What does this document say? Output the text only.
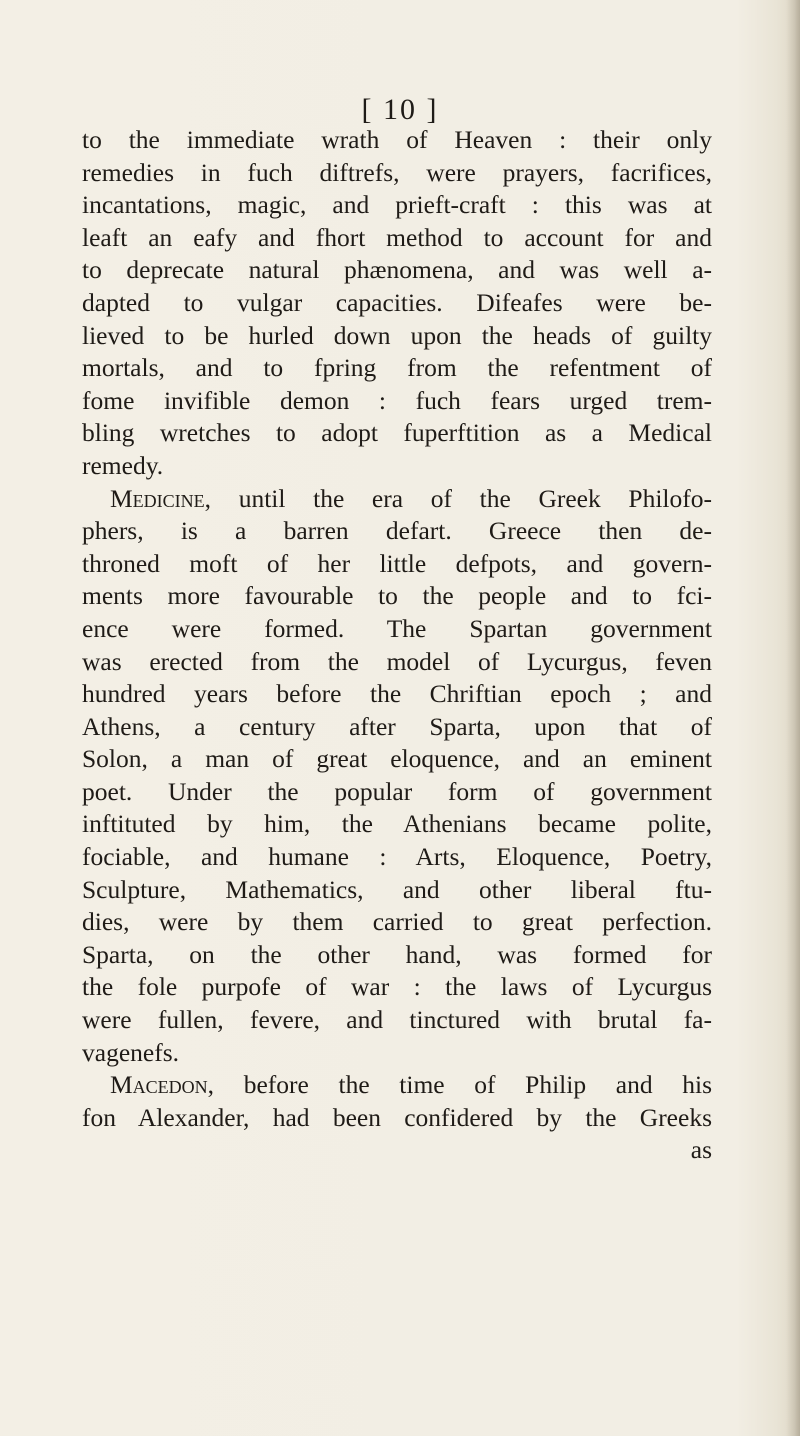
[ 10 ]
to the immediate wrath of Heaven : their only
remedies in fuch diftrefs, were prayers, facrifices,
incantations, magic, and prieft-craft : this was at
leaft an eafy and fhort method to account for and
to deprecate natural phænomena, and was well a-
dapted to vulgar capacities. Difeafes were be-
lieved to be hurled down upon the heads of guilty
mortals, and to fpring from the refentment of
fome invifible demon : fuch fears urged trem-
bling wretches to adopt fuperftition as a Medical
remedy.
Medicine, until the era of the Greek Philofo-
phers, is a barren defart. Greece then de-
throned moft of her little defpots, and govern-
ments more favourable to the people and to fci-
ence were formed. The Spartan government
was erected from the model of Lycurgus, feven
hundred years before the Chriftian epoch ; and
Athens, a century after Sparta, upon that of
Solon, a man of great eloquence, and an eminent
poet. Under the popular form of government
inftituted by him, the Athenians became polite,
fociable, and humane : Arts, Eloquence, Poetry,
Sculpture, Mathematics, and other liberal ftu-
dies, were by them carried to great perfection.
Sparta, on the other hand, was formed for
the fole purpofe of war : the laws of Lycurgus
were fullen, fevere, and tinctured with brutal fa-
vagenefs.
Macedon, before the time of Philip and his
fon Alexander, had been confidered by the Greeks
as
